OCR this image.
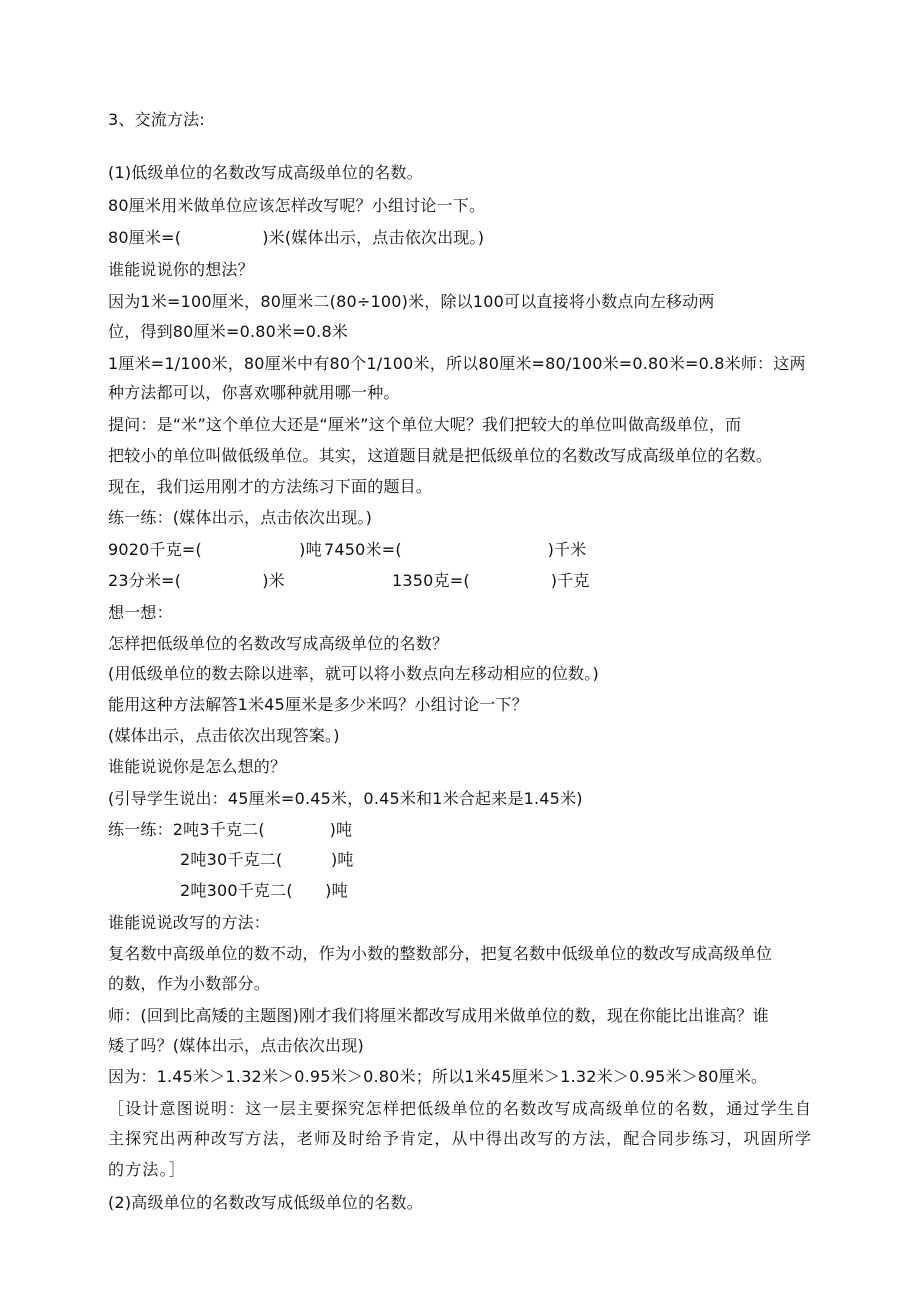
3、交流方法:
(1)低级单位的名数改写成高级单位的名数。
80厘米用米做单位应该怎样改写呢？小组讨论一下。
80厘米=(　　　　　)米(媒体出示，点击依次出现。)
谁能说说你的想法？
因为1米=100厘米，80厘米二(80÷100)米，除以100可以直接将小数点向左移动两
位，得到80厘米=0.80米=0.8米
1厘米=1/100米，80厘米中有80个1/100米，所以80厘米=80/100米=0.80米=0.8米师：这两
种方法都可以，你喜欢哪种就用哪一种。
提问：是“米”这个单位大还是“厘米”这个单位大呢？我们把较大的单位叫做高级单位，而
把较小的单位叫做低级单位。其实，这道题目就是把低级单位的名数改写成高级单位的名数。
现在，我们运用刚才的方法练习下面的题目。
练一练：(媒体出示，点击依次出现。)
9020千克=(　　　　　　)吨 7450米=(　　　　　　　　　)千米
23分米=(　　　　　)米	1350克=(　　　　　)千克
想一想：
怎样把低级单位的名数改写成高级单位的名数？
(用低级单位的数去除以进率，就可以将小数点向左移动相应的位数。)
能用这种方法解答1米45厘米是多少米吗？小组讨论一下？
(媒体出示，点击依次出现答案。)
谁能说说你是怎么想的？
(引导学生说出：45厘米=0.45米，0.45米和1米合起来是1.45米)
练一练：2吨3千克二(　　　　)吨
2吨30千克二(　　　)吨
2吨300千克二(　　)吨
谁能说说改写的方法：
复名数中高级单位的数不动，作为小数的整数部分，把复名数中低级单位的数改写成高级单位
的数，作为小数部分。
师：(回到比高矮的主题图)刚才我们将厘米都改写成用米做单位的数，现在你能比出谁高？谁
矮了吗？(媒体出示，点击依次出现)
因为：1.45米＞1.32米＞0.95米＞0.80米；所以1米45厘米＞1.32米＞0.95米＞80厘米。
［设计意图说明：这一层主要探究怎样把低级单位的名数改写成高级单位的名数，通过学生自
主探究出两种改写方法，老师及时给予肯定，从中得出改写的方法，配合同步练习，巩固所学
的方法。］
(2)高级单位的名数改写成低级单位的名数。
